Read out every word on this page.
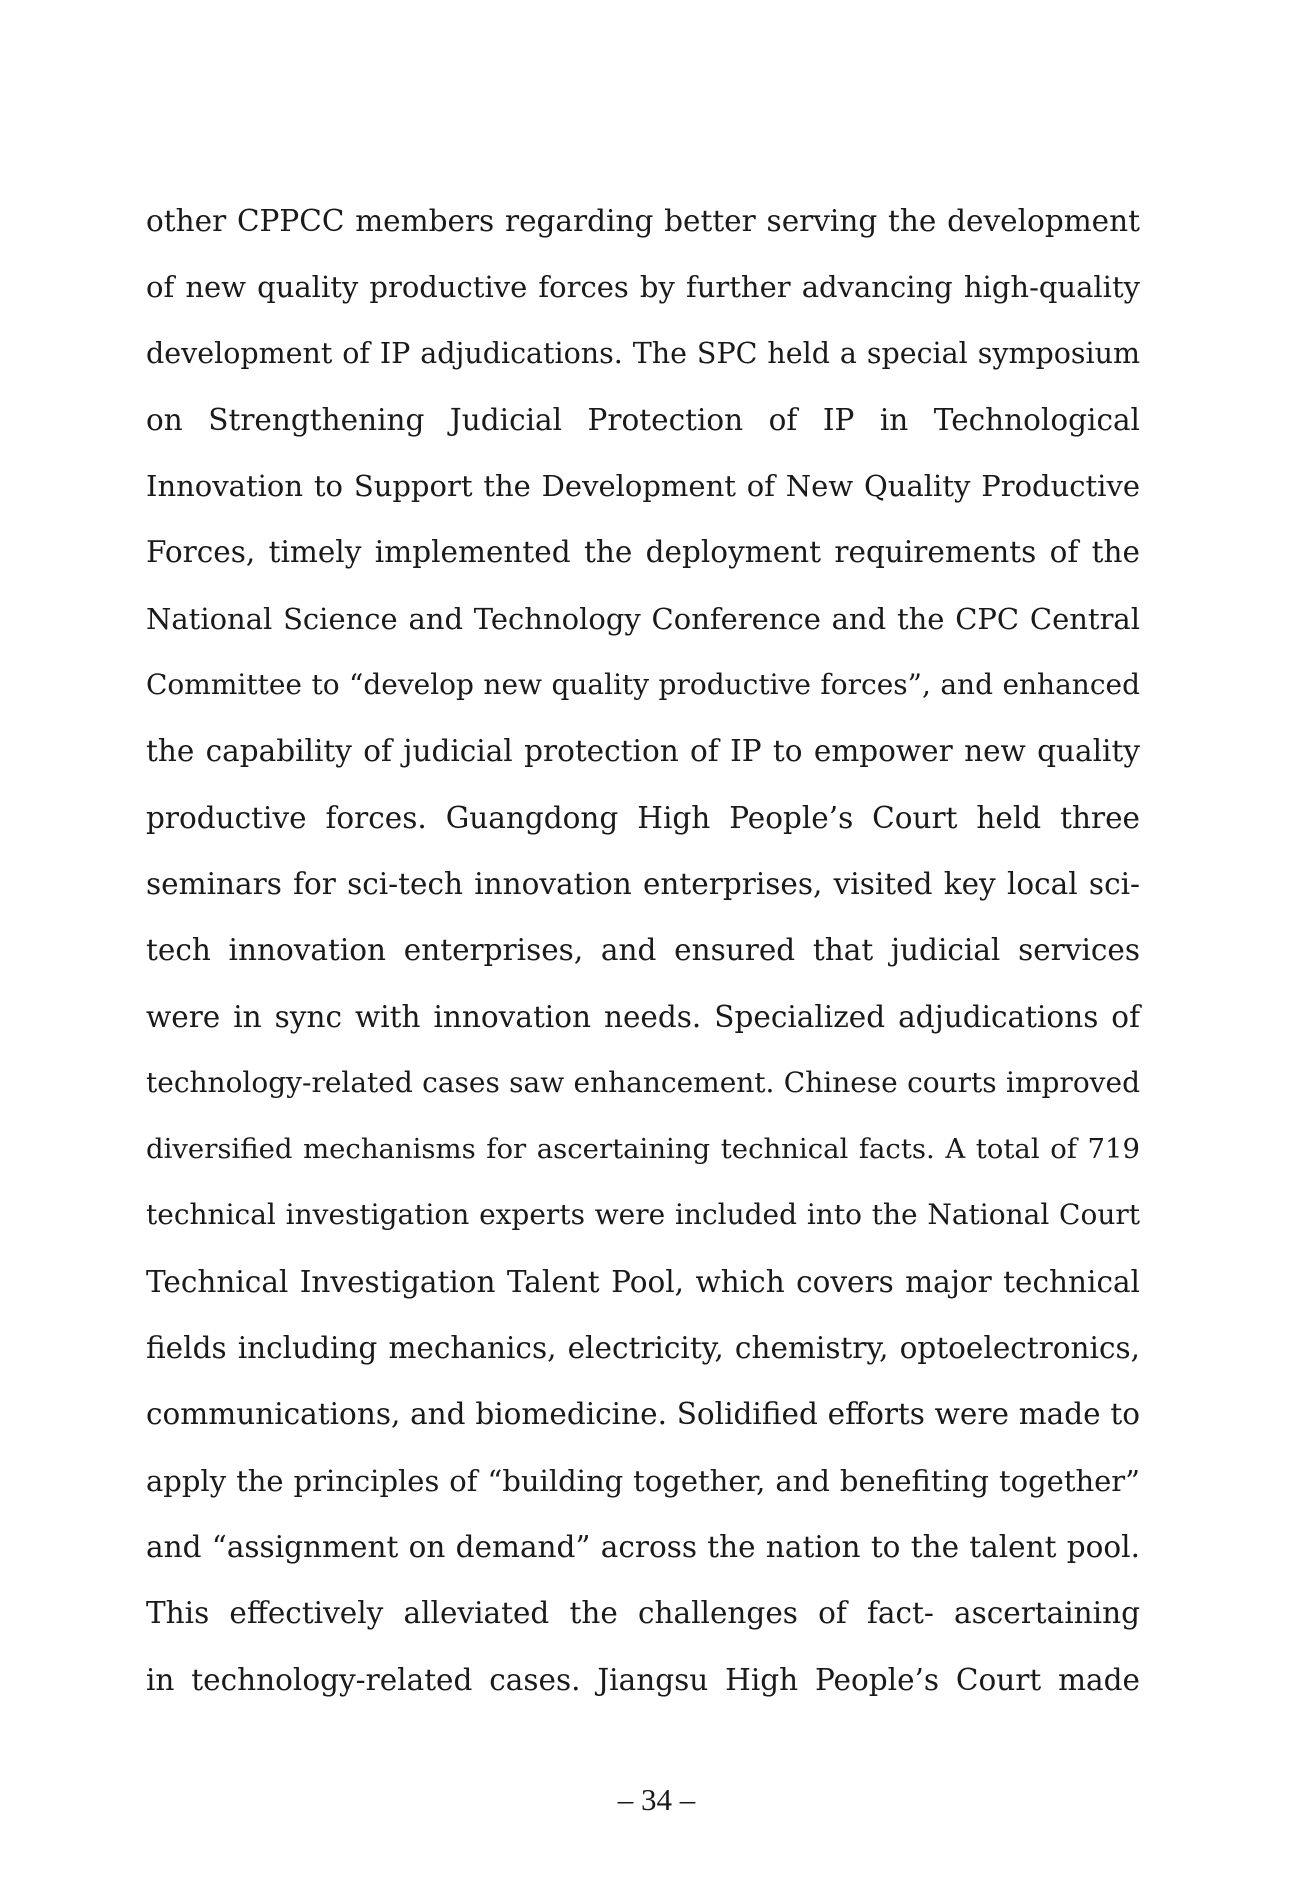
other CPPCC members regarding better serving the development
of new quality productive forces by further advancing high-quality
development of IP adjudications. The SPC held a special symposium
on Strengthening Judicial Protection of IP in Technological
Innovation to Support the Development of New Quality Productive
Forces, timely implemented the deployment requirements of the
National Science and Technology Conference and the CPC Central
Committee to “develop new quality productive forces”, and enhanced
the capability of judicial protection of IP to empower new quality
productive forces. Guangdong High People’s Court held three
seminars for sci-tech innovation enterprises, visited key local sci-
tech innovation enterprises, and ensured that judicial services
were in sync with innovation needs. Specialized adjudications of
technology-related cases saw enhancement. Chinese courts improved
diversified mechanisms for ascertaining technical facts. A total of 719
technical investigation experts were included into the National Court
Technical Investigation Talent Pool, which covers major technical
fields including mechanics, electricity, chemistry, optoelectronics,
communications, and biomedicine. Solidified efforts were made to
apply the principles of “building together, and benefiting together”
and “assignment on demand” across the nation to the talent pool.
This effectively alleviated the challenges of fact- ascertaining
in technology-related cases. Jiangsu High People’s Court made
– 34 –
